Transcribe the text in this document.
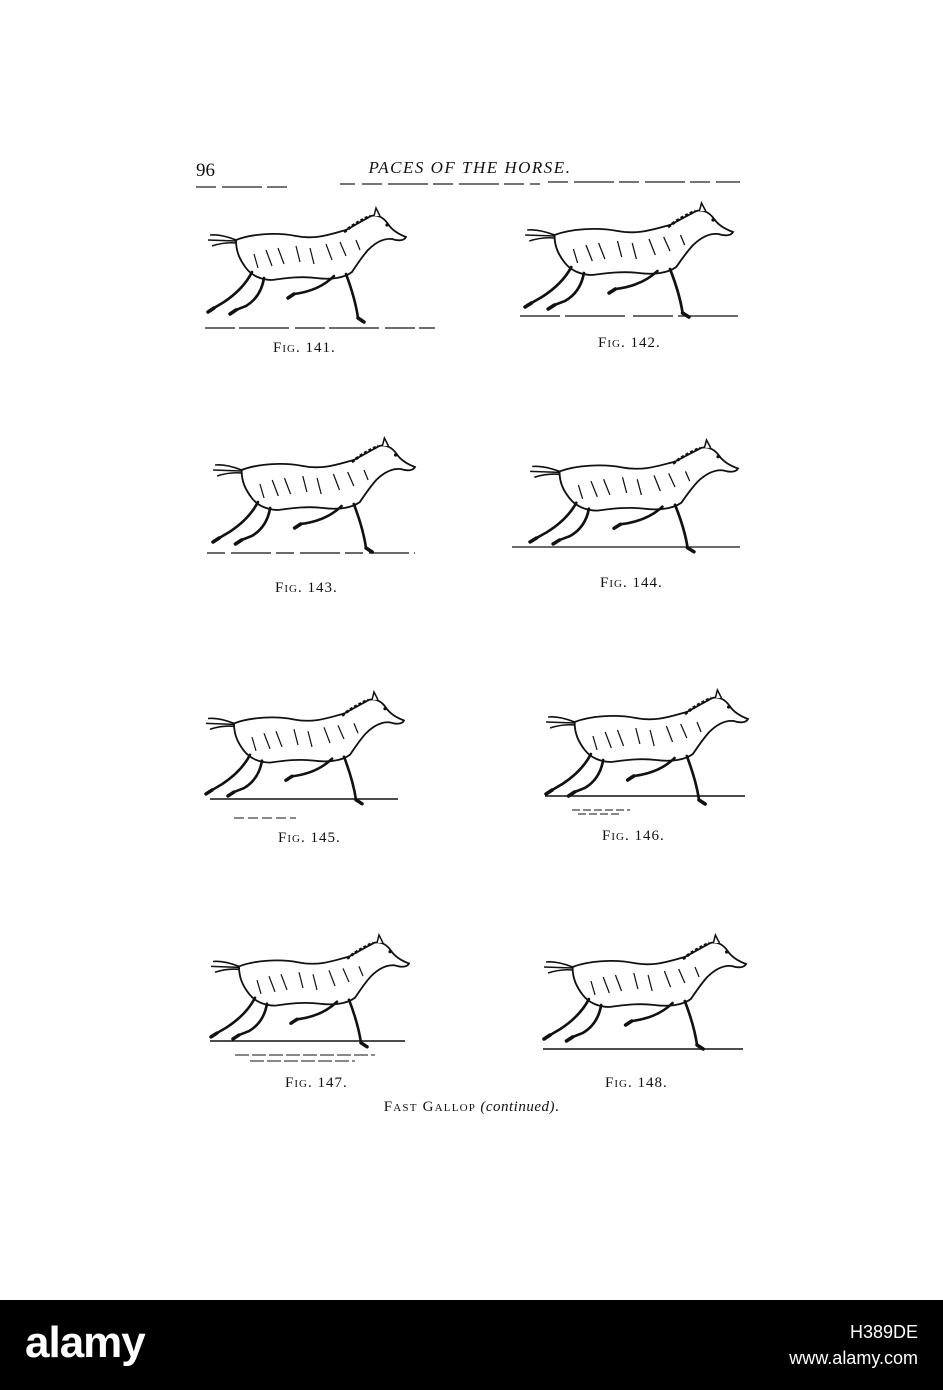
96	PACES OF THE HORSE.
Fig. 141.	Fig. 142.
Fig. 143.	Fig. 144.
Fig. 145.	Fig. 146.
Fig. 147.	Fig. 148.
Fast Gallop (continued).
alamy	H389DE
www.alamy.com
